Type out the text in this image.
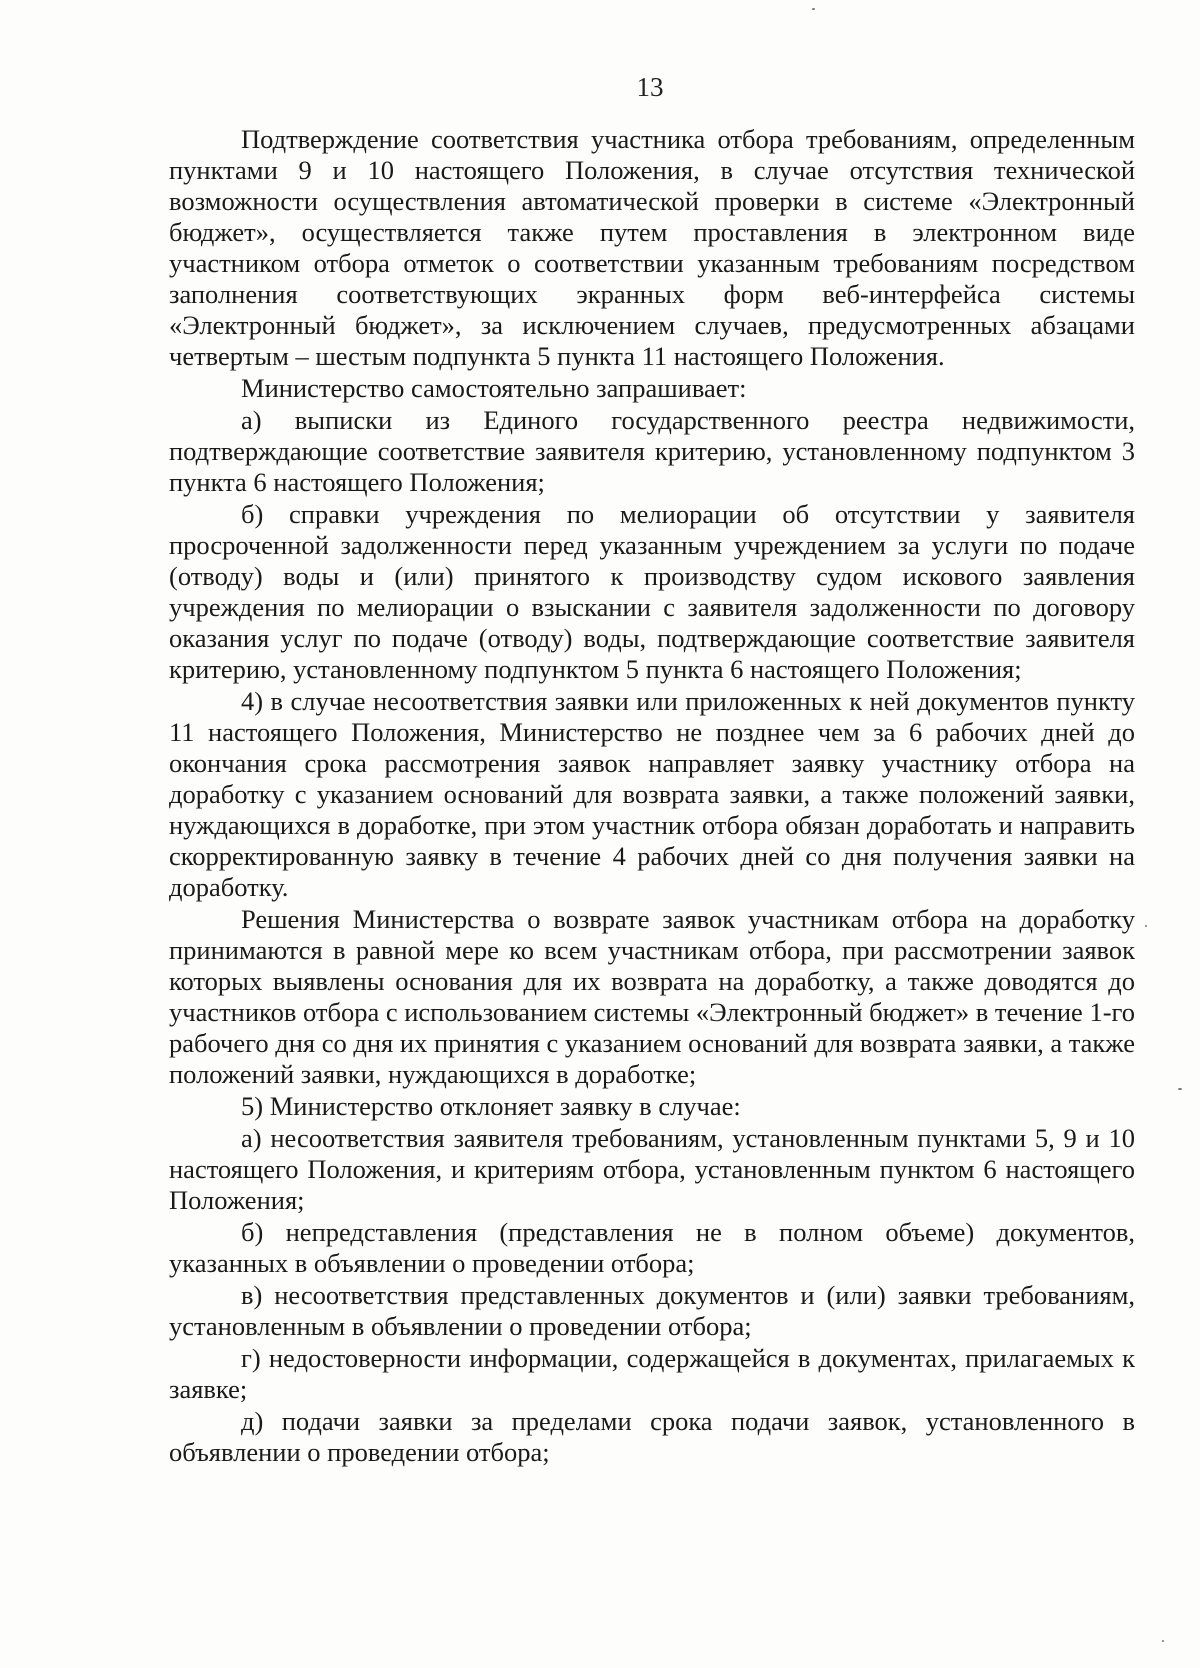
13

Подтверждение соответствия участника отбора требованиям, определенным пунктами 9 и 10 настоящего Положения, в случае отсутствия технической возможности осуществления автоматической проверки в системе «Электронный бюджет», осуществляется также путем проставления в электронном виде участником отбора отметок о соответствии указанным требованиям посредством заполнения соответствующих экранных форм веб-интерфейса системы «Электронный бюджет», за исключением случаев, предусмотренных абзацами четвертым – шестым подпункта 5 пункта 11 настоящего Положения.

Министерство самостоятельно запрашивает:

а) выписки из Единого государственного реестра недвижимости, подтверждающие соответствие заявителя критерию, установленному подпунктом 3 пункта 6 настоящего Положения;

б) справки учреждения по мелиорации об отсутствии у заявителя просроченной задолженности перед указанным учреждением за услуги по подаче (отводу) воды и (или) принятого к производству судом искового заявления учреждения по мелиорации о взыскании с заявителя задолженности по договору оказания услуг по подаче (отводу) воды, подтверждающие соответствие заявителя критерию, установленному подпунктом 5 пункта 6 настоящего Положения;

4) в случае несоответствия заявки или приложенных к ней документов пункту 11 настоящего Положения, Министерство не позднее чем за 6 рабочих дней до окончания срока рассмотрения заявок направляет заявку участнику отбора на доработку с указанием оснований для возврата заявки, а также положений заявки, нуждающихся в доработке, при этом участник отбора обязан доработать и направить скорректированную заявку в течение 4 рабочих дней со дня получения заявки на доработку.

Решения Министерства о возврате заявок участникам отбора на доработку принимаются в равной мере ко всем участникам отбора, при рассмотрении заявок которых выявлены основания для их возврата на доработку, а также доводятся до участников отбора с использованием системы «Электронный бюджет» в течение 1-го рабочего дня со дня их принятия с указанием оснований для возврата заявки, а также положений заявки, нуждающихся в доработке;

5) Министерство отклоняет заявку в случае:

а) несоответствия заявителя требованиям, установленным пунктами 5, 9 и 10 настоящего Положения, и критериям отбора, установленным пунктом 6 настоящего Положения;

б) непредставления (представления не в полном объеме) документов, указанных в объявлении о проведении отбора;

в) несоответствия представленных документов и (или) заявки требованиям, установленным в объявлении о проведении отбора;

г) недостоверности информации, содержащейся в документах, прилагаемых к заявке;

д) подачи заявки за пределами срока подачи заявок, установленного в объявлении о проведении отбора;
